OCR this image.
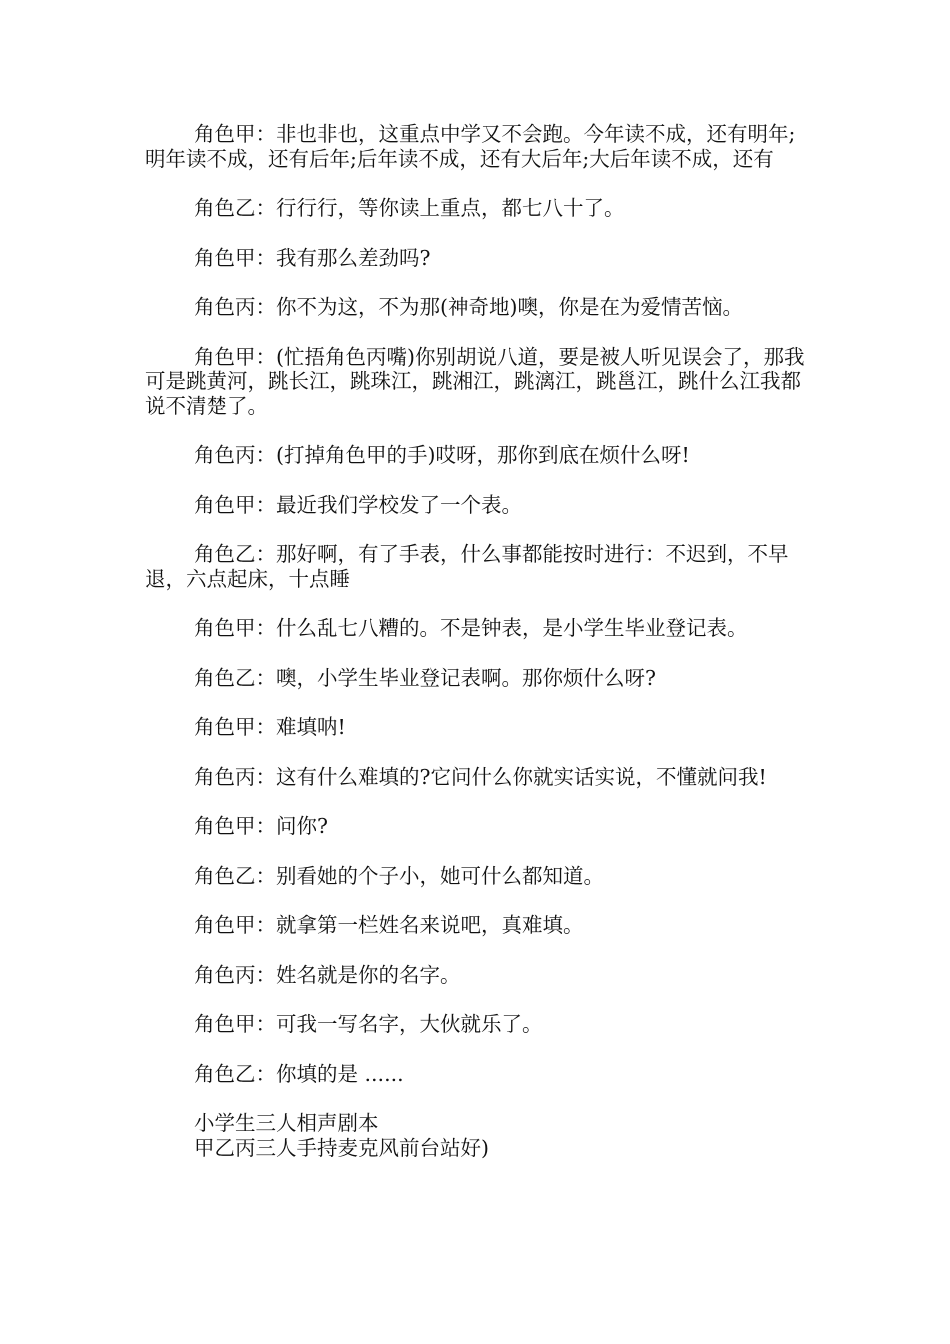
角色甲：非也非也，这重点中学又不会跑。今年读不成，还有明年;明年读不成，还有后年;后年读不成，还有大后年;大后年读不成，还有

角色乙：行行行，等你读上重点，都七八十了。

角色甲：我有那么差劲吗?

角色丙：你不为这，不为那(神奇地)噢，你是在为爱情苦恼。

角色甲：(忙捂角色丙嘴)你别胡说八道，要是被人听见误会了，那我可是跳黄河，跳长江，跳珠江，跳湘江，跳漓江，跳邕江，跳什么江我都说不清楚了。

角色丙：(打掉角色甲的手)哎呀，那你到底在烦什么呀!

角色甲：最近我们学校发了一个表。

角色乙：那好啊，有了手表，什么事都能按时进行：不迟到，不早退，六点起床，十点睡

角色甲：什么乱七八糟的。不是钟表，是小学生毕业登记表。

角色乙：噢，小学生毕业登记表啊。那你烦什么呀?

角色甲：难填呐!

角色丙：这有什么难填的?它问什么你就实话实说，不懂就问我!

角色甲：问你?

角色乙：别看她的个子小，她可什么都知道。

角色甲：就拿第一栏姓名来说吧，真难填。

角色丙：姓名就是你的名字。

角色甲：可我一写名字，大伙就乐了。

角色乙：你填的是 ......

小学生三人相声剧本
甲乙丙三人手持麦克风前台站好)
